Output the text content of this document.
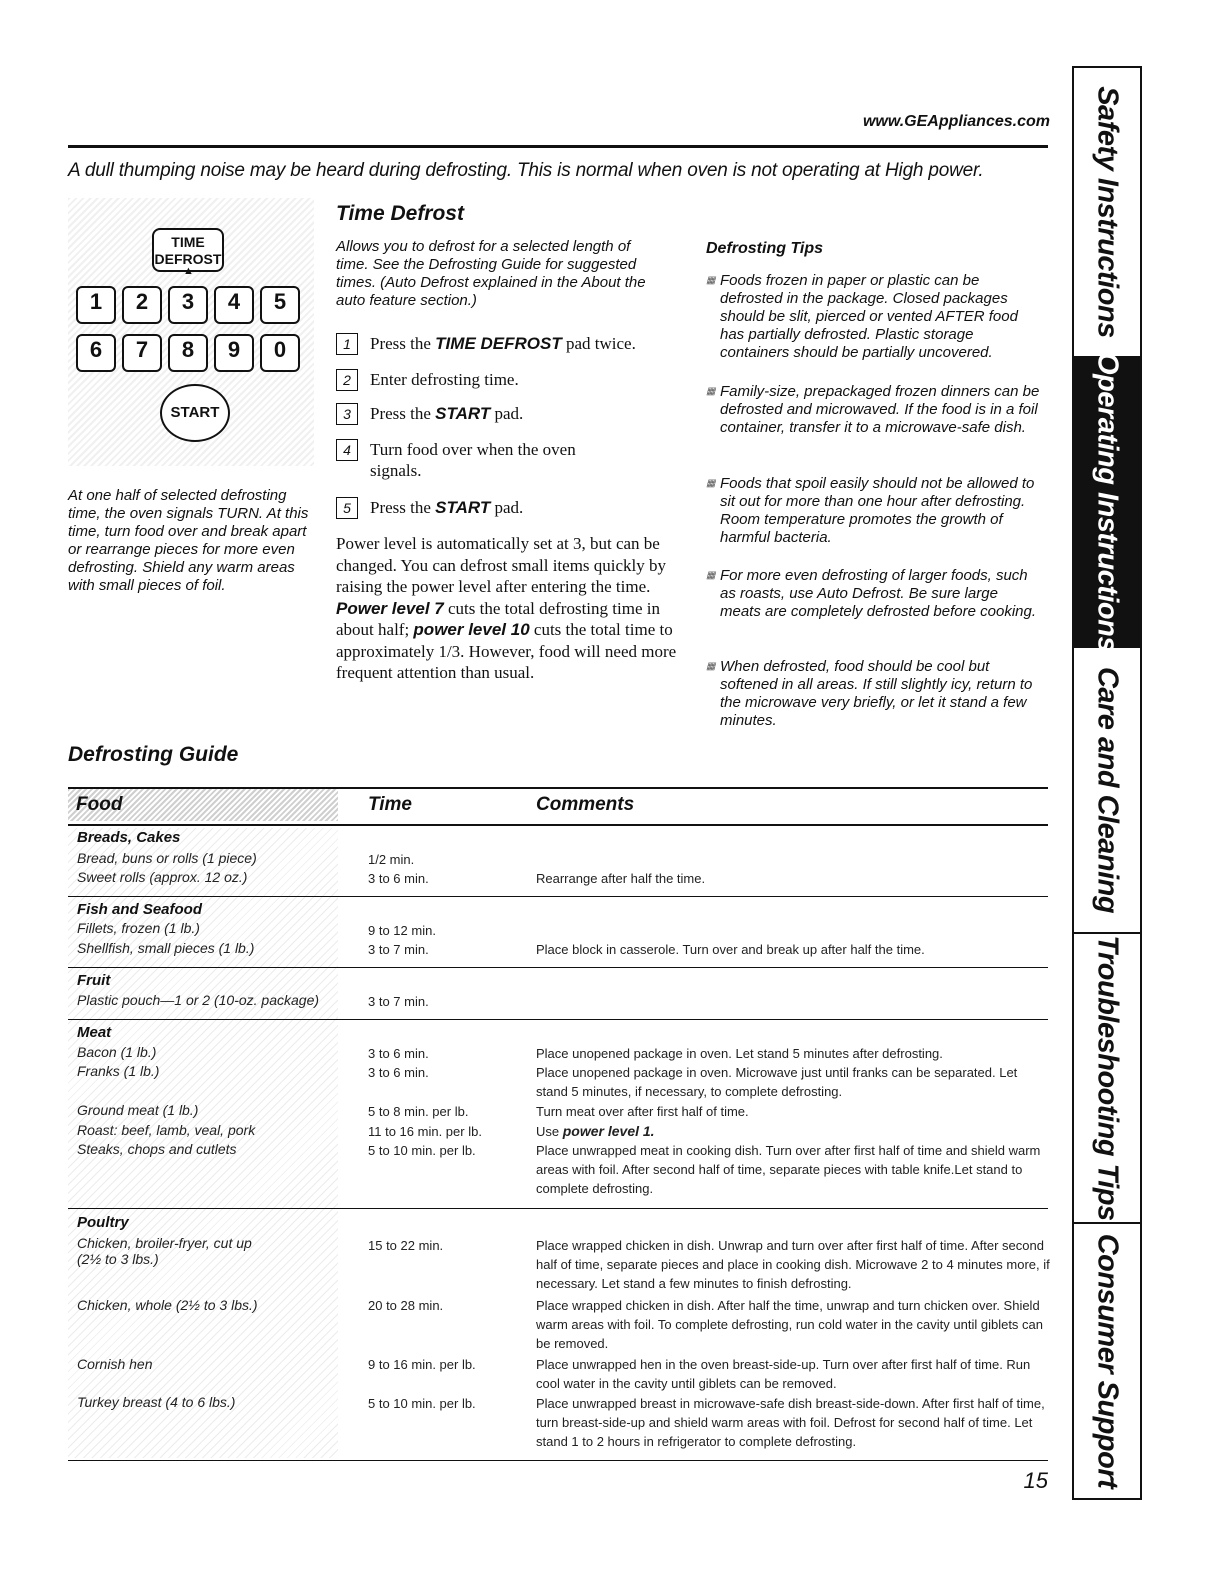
www.GEAppliances.com
A dull thumping noise may be heard during defrosting. This is normal when oven is not operating at High power.
TIME
DEFROST
▲
1	2	3	4	5
6	7	8	9	0
START
At one half of selected defrosting time, the oven signals TURN. At this time, turn food over and break apart or rearrange pieces for more even defrosting. Shield any warm areas with small pieces of foil.
Time Defrost
Allows you to defrost for a selected length of time. See the Defrosting Guide for suggested times. (Auto Defrost explained in the About the auto feature section.)
1 Press the TIME DEFROST pad twice.
2 Enter defrosting time.
3 Press the START pad.
4 Turn food over when the oven signals.
5 Press the START pad.
Power level is automatically set at 3, but can be changed. You can defrost small items quickly by raising the power level after entering the time. Power level 7 cuts the total defrosting time in about half; power level 10 cuts the total time to approximately 1/3. However, food will need more frequent attention than usual.
Defrosting Tips
▦ Foods frozen in paper or plastic can be defrosted in the package. Closed packages should be slit, pierced or vented AFTER food has partially defrosted. Plastic storage containers should be partially uncovered.
▦ Family-size, prepackaged frozen dinners can be defrosted and microwaved. If the food is in a foil container, transfer it to a microwave-safe dish.
▦ Foods that spoil easily should not be allowed to sit out for more than one hour after defrosting. Room temperature promotes the growth of harmful bacteria.
▦ For more even defrosting of larger foods, such as roasts, use Auto Defrost. Be sure large meats are completely defrosted before cooking.
▦ When defrosted, food should be cool but softened in all areas. If still slightly icy, return to the microwave very briefly, or let it stand a few minutes.
Defrosting Guide
Food	Time	Comments
Breads, Cakes
Bread, buns or rolls (1 piece)	1/2 min.
Sweet rolls (approx. 12 oz.)	3 to 6 min.	Rearrange after half the time.
Fish and Seafood
Fillets, frozen (1 lb.)	9 to 12 min.
Shellfish, small pieces (1 lb.)	3 to 7 min.	Place block in casserole. Turn over and break up after half the time.
Fruit
Plastic pouch—1 or 2 (10-oz. package)	3 to 7 min.
Meat
Bacon (1 lb.)	3 to 6 min.	Place unopened package in oven. Let stand 5 minutes after defrosting.
Franks (1 lb.)	3 to 6 min.	Place unopened package in oven. Microwave just until franks can be separated. Let stand 5 minutes, if necessary, to complete defrosting.
Ground meat (1 lb.)	5 to 8 min. per lb.	Turn meat over after first half of time.
Roast: beef, lamb, veal, pork	11 to 16 min. per lb.	Use power level 1.
Steaks, chops and cutlets	5 to 10 min. per lb.	Place unwrapped meat in cooking dish. Turn over after first half of time and shield warm areas with foil. After second half of time, separate pieces with table knife.Let stand to complete defrosting.
Poultry
Chicken, broiler-fryer, cut up (2½ to 3 lbs.)
15 to 22 min.	Place wrapped chicken in dish. Unwrap and turn over after first half of time. After second half of time, separate pieces and place in cooking dish. Microwave 2 to 4 minutes more, if necessary. Let stand a few minutes to finish defrosting.
Chicken, whole (2½ to 3 lbs.)	20 to 28 min.	Place wrapped chicken in dish. After half the time, unwrap and turn chicken over. Shield warm areas with foil. To complete defrosting, run cold water in the cavity until giblets can be removed.
Cornish hen	9 to 16 min. per lb.	Place unwrapped hen in the oven breast-side-up. Turn over after first half of time. Run cool water in the cavity until giblets can be removed.
Turkey breast (4 to 6 lbs.)	5 to 10 min. per lb.	Place unwrapped breast in microwave-safe dish breast-side-down. After first half of time, turn breast-side-up and shield warm areas with foil. Defrost for second half of time. Let stand 1 to 2 hours in refrigerator to complete defrosting.
15
Safety Instructions
Operating Instructions
Care and Cleaning
Troubleshooting Tips
Consumer Support
